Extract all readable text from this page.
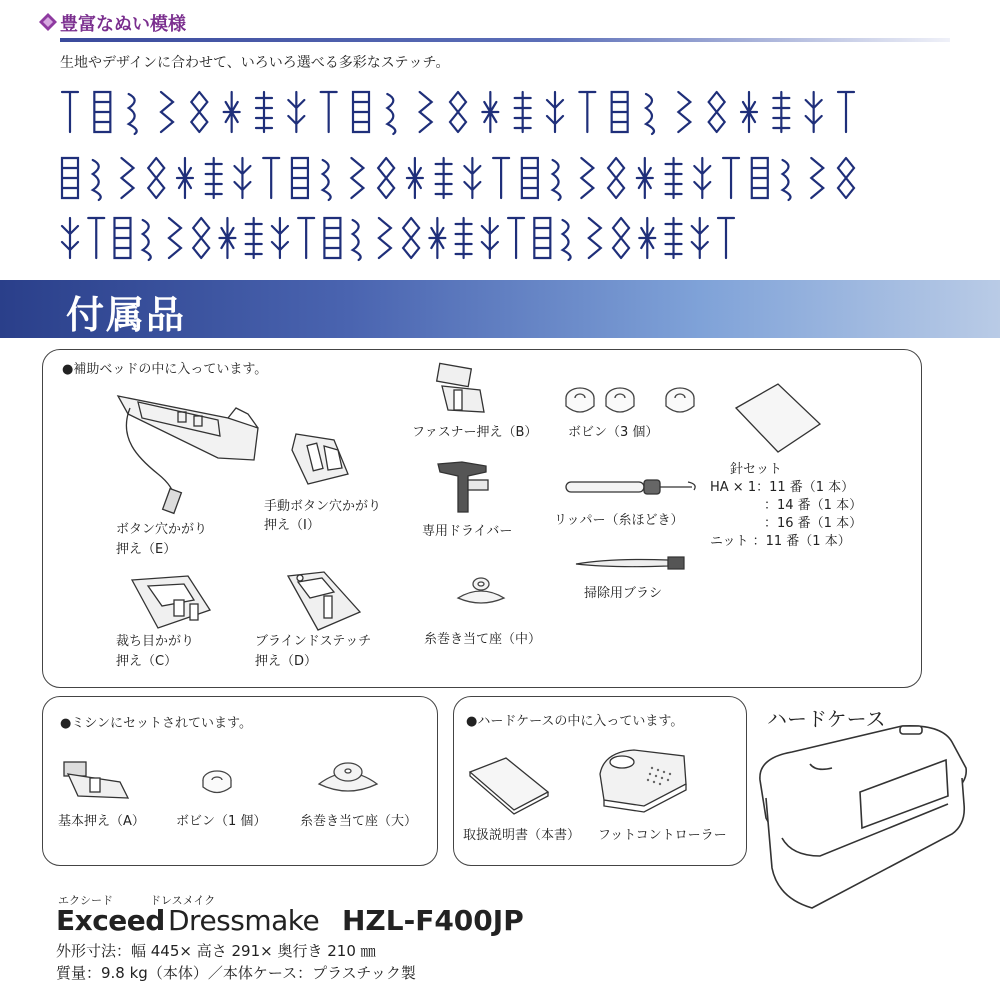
豊富なぬい模様
生地やデザインに合わせて、いろいろ選べる多彩なステッチ。
付属品
●補助ベッドの中に入っています。
ボタン穴かがり
押え（E）
手動ボタン穴かがり
押え（I）
ファスナー押え（B） ボビン（3 個）
針セット
HA × 1：11 番（1 本）
：14 番（1 本）
：16 番（1 本）
ニット ：11 番（1 本）
専用ドライバー
リッパー（糸ほどき）
掃除用ブラシ
裁ち目かがり
押え（C）
ブラインドステッチ
押え（D）
糸巻き当て座（中）
●ミシンにセットされています。
基本押え（A） ボビン（1 個）	糸巻き当て座（大）
●ハードケースの中に入っています。
取扱説明書（本書） フットコントローラー
ハードケース
エクシード	ドレスメイク
Exceed Dressmake HZL-F400JP
外形寸法：幅 445× 高さ 291× 奥行き 210 ㎜
質量：9.8 kg（本体）／本体ケース：プラスチック製
